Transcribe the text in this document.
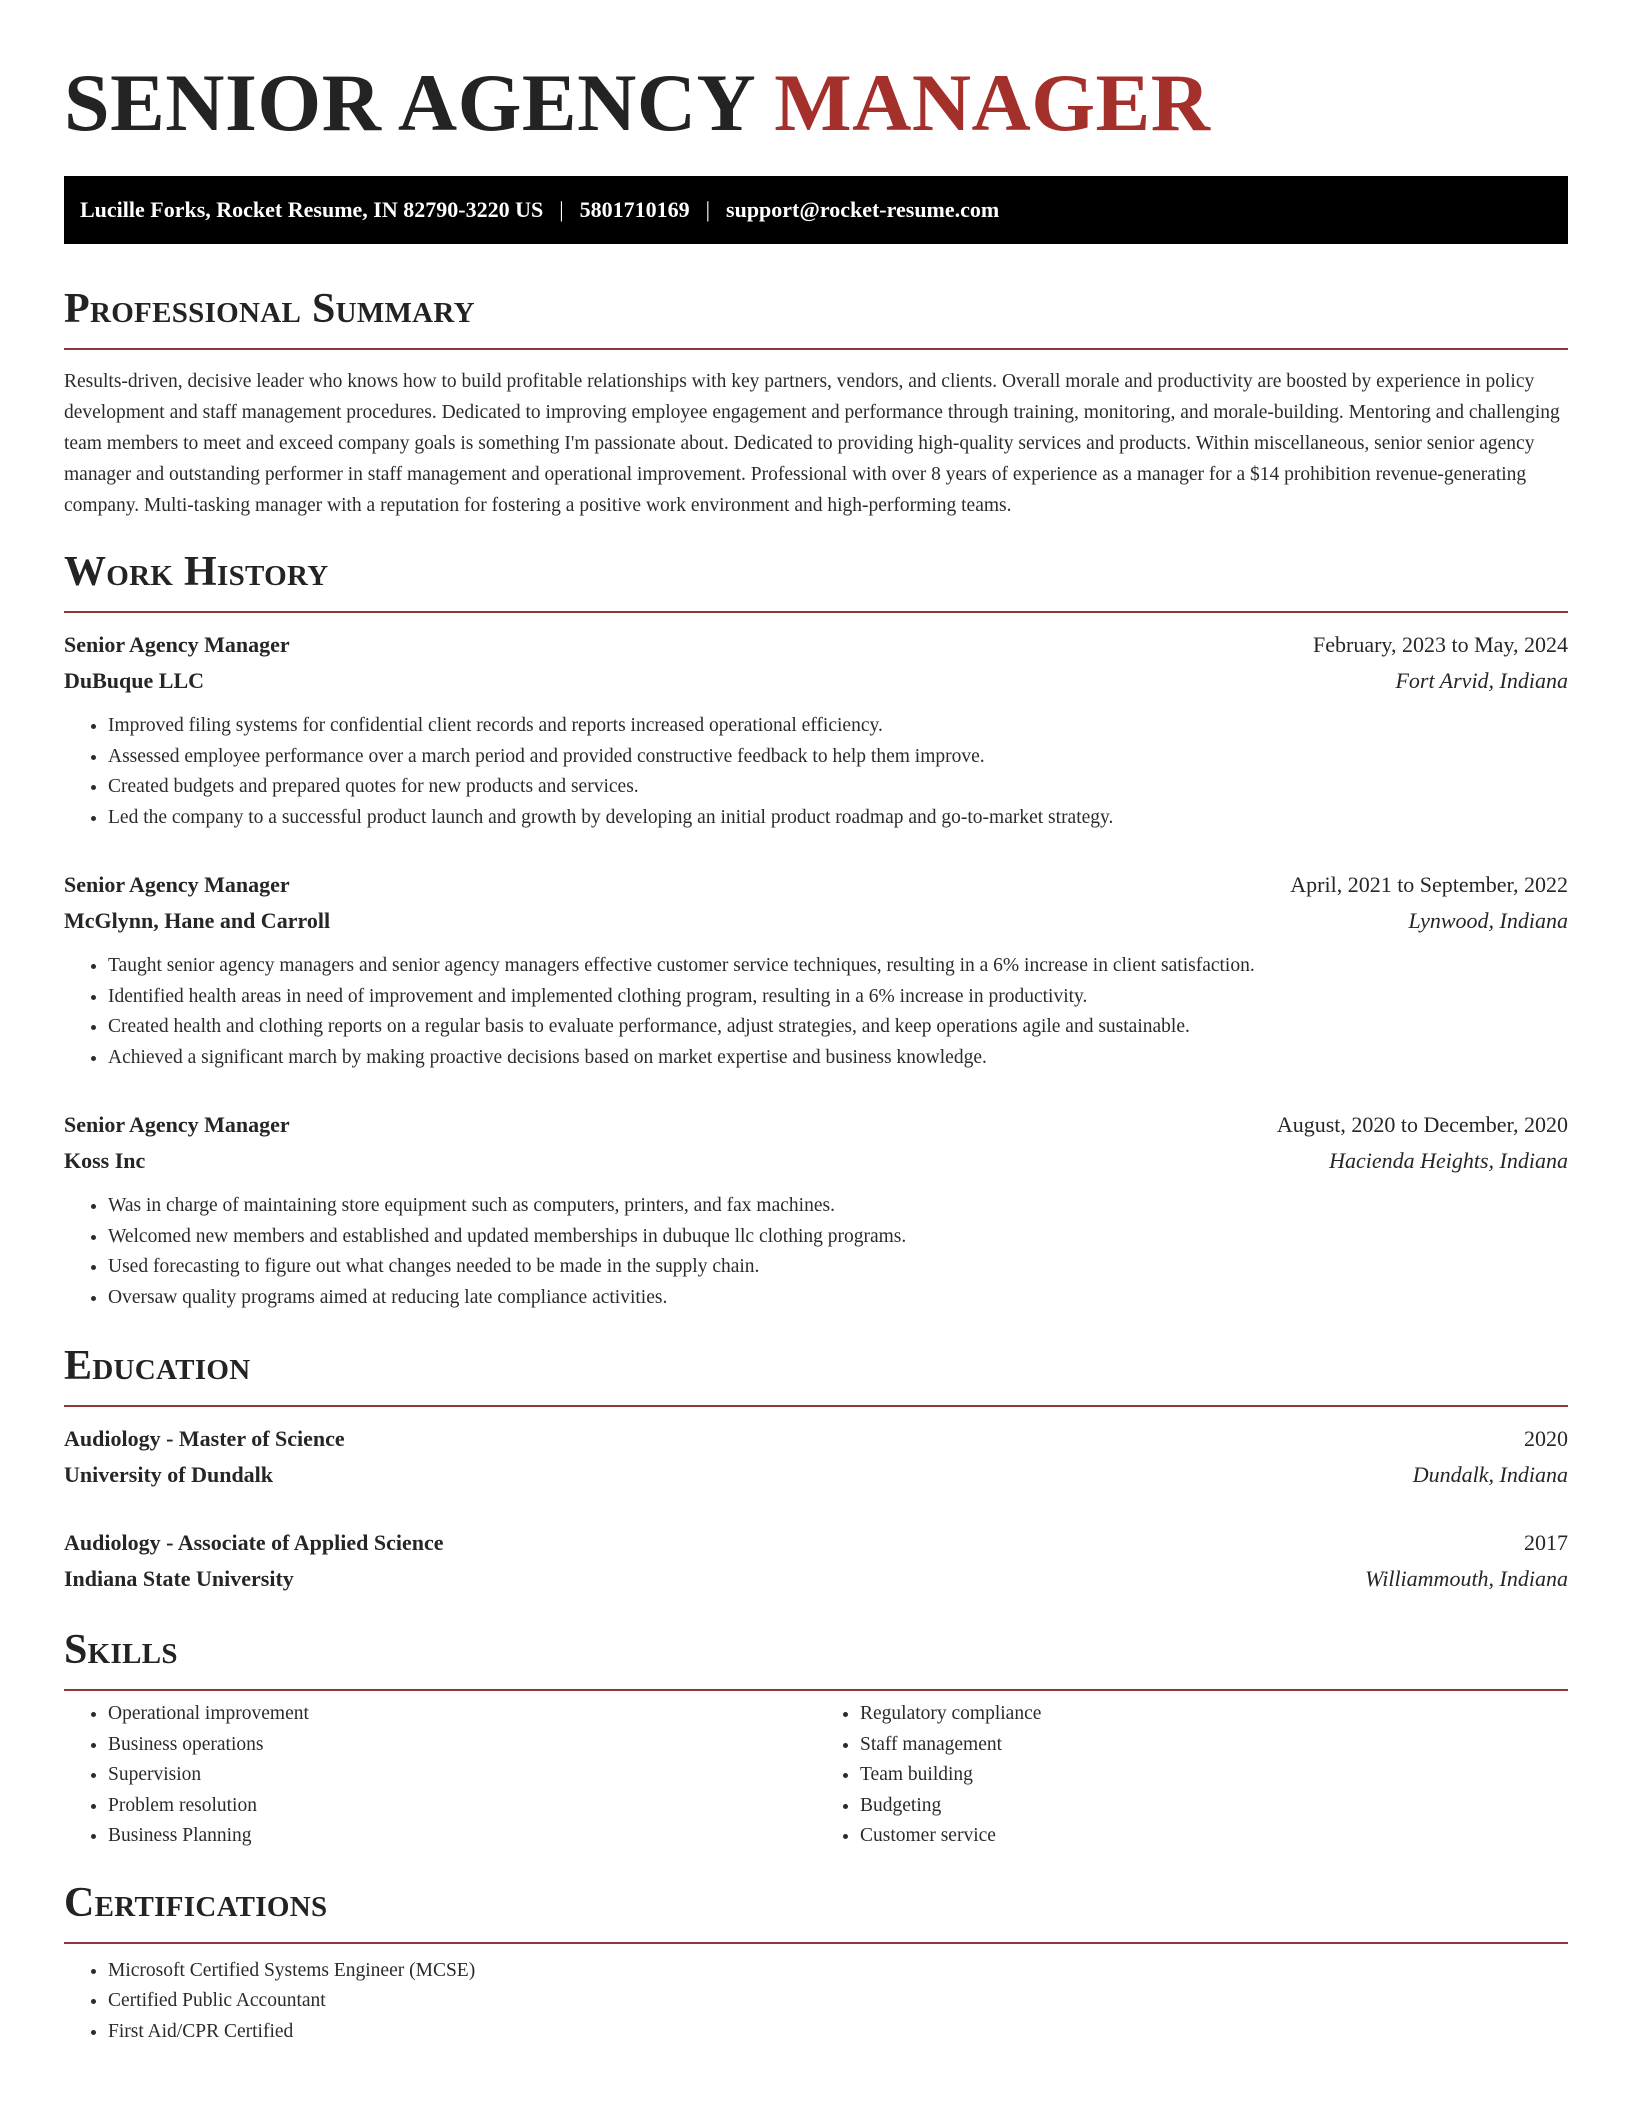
SENIOR AGENCY MANAGER
Lucille Forks, Rocket Resume, IN 82790-3220 US | 5801710169 | support@rocket-resume.com
Professional Summary

Results-driven, decisive leader who knows how to build profitable relationships with key partners, vendors, and clients. Overall morale and productivity are boosted by experience in policy development and staff management procedures. Dedicated to improving employee engagement and performance through training, monitoring, and morale-building. Mentoring and challenging team members to meet and exceed company goals is something I'm passionate about. Dedicated to providing high-quality services and products. Within miscellaneous, senior senior agency manager and outstanding performer in staff management and operational improvement. Professional with over 8 years of experience as a manager for a $14 prohibition revenue-generating company. Multi-tasking manager with a reputation for fostering a positive work environment and high-performing teams.

Work History
Senior Agency Manager	February, 2023 to May, 2024
DuBuque LLC	Fort Arvid, Indiana
• Improved filing systems for confidential client records and reports increased operational efficiency.
• Assessed employee performance over a march period and provided constructive feedback to help them improve.
• Created budgets and prepared quotes for new products and services.
• Led the company to a successful product launch and growth by developing an initial product roadmap and go-to-market strategy.
Senior Agency Manager	April, 2021 to September, 2022
McGlynn, Hane and Carroll	Lynwood, Indiana
• Taught senior agency managers and senior agency managers effective customer service techniques, resulting in a 6% increase in client satisfaction.
• Identified health areas in need of improvement and implemented clothing program, resulting in a 6% increase in productivity.
• Created health and clothing reports on a regular basis to evaluate performance, adjust strategies, and keep operations agile and sustainable.
• Achieved a significant march by making proactive decisions based on market expertise and business knowledge.
Senior Agency Manager	August, 2020 to December, 2020
Koss Inc	Hacienda Heights, Indiana
• Was in charge of maintaining store equipment such as computers, printers, and fax machines.
• Welcomed new members and established and updated memberships in dubuque llc clothing programs.
• Used forecasting to figure out what changes needed to be made in the supply chain.
• Oversaw quality programs aimed at reducing late compliance activities.
Education
Audiology - Master of Science	2020
University of Dundalk	Dundalk, Indiana
Audiology - Associate of Applied Science	2017
Indiana State University	Williammouth, Indiana
Skills
• Operational improvement
• Business operations
• Supervision
• Problem resolution
• Business Planning
• Regulatory compliance
• Staff management
• Team building
• Budgeting
• Customer service
Certifications
• Microsoft Certified Systems Engineer (MCSE)
• Certified Public Accountant
• First Aid/CPR Certified
